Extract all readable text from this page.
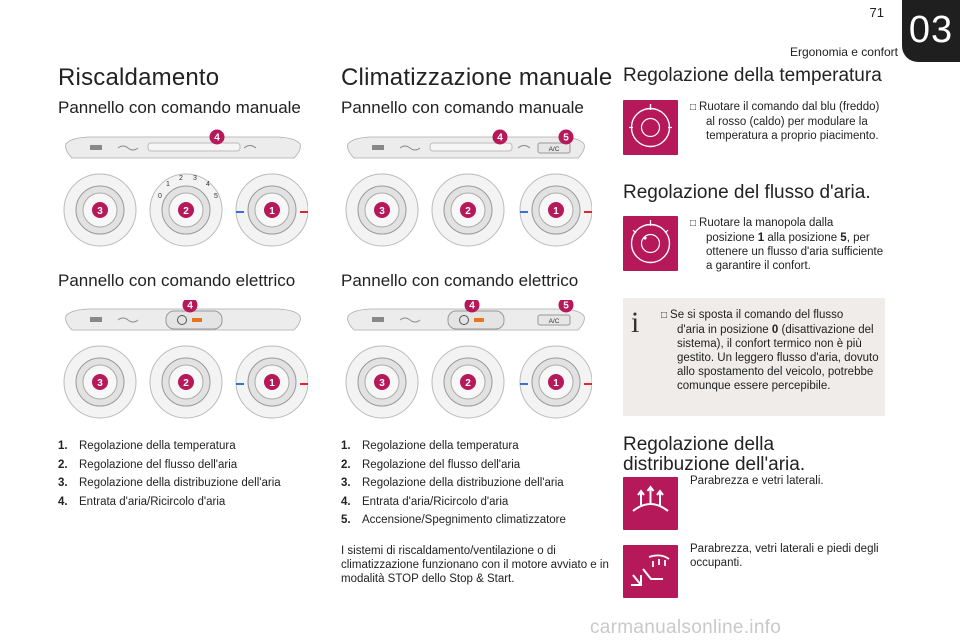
71 03
Ergonomia e confort
Riscaldamento
Pannello con comando manuale
4
3
1
2 3
4
5
0
2	1
Pannello con comando elettrico
4
3	2	1
1. Regolazione della temperatura
2. Regolazione del flusso dell'aria
3. Regolazione della distribuzione dell'aria
4. Entrata d'aria/Ricircolo d'aria
Climatizzazione manuale
Pannello con comando manuale
A/C
4	5
3	2	1
Pannello con comando elettrico
A/C
4	5
3	2	1
1. Regolazione della temperatura
2. Regolazione del flusso dell'aria
3. Regolazione della distribuzione dell'aria
4. Entrata d'aria/Ricircolo d'aria
5. Accensione/Spegnimento climatizzatore
I sistemi di riscaldamento/ventilazione o di
climatizzazione funzionano con il motore avviato e in
modalità STOP dello Stop & Start.
Regolazione della temperatura
□ Ruotare il comando dal blu (freddo)
al rosso (caldo) per modulare la
temperatura a proprio piacimento.
Regolazione del flusso d'aria.
□ Ruotare la manopola dalla
posizione 1 alla posizione 5, per
ottenere un flusso d'aria sufficiente
a garantire il confort.
i □ Se si sposta il comando del flusso
d'aria in posizione 0 (disattivazione del
sistema), il confort termico non è più
gestito. Un leggero flusso d'aria, dovuto
allo spostamento del veicolo, potrebbe
comunque essere percepibile.
Regolazione della
distribuzione dell'aria.
Parabrezza e vetri laterali.
Parabrezza, vetri laterali e piedi degli
occupanti.
carmanualsonline.info
